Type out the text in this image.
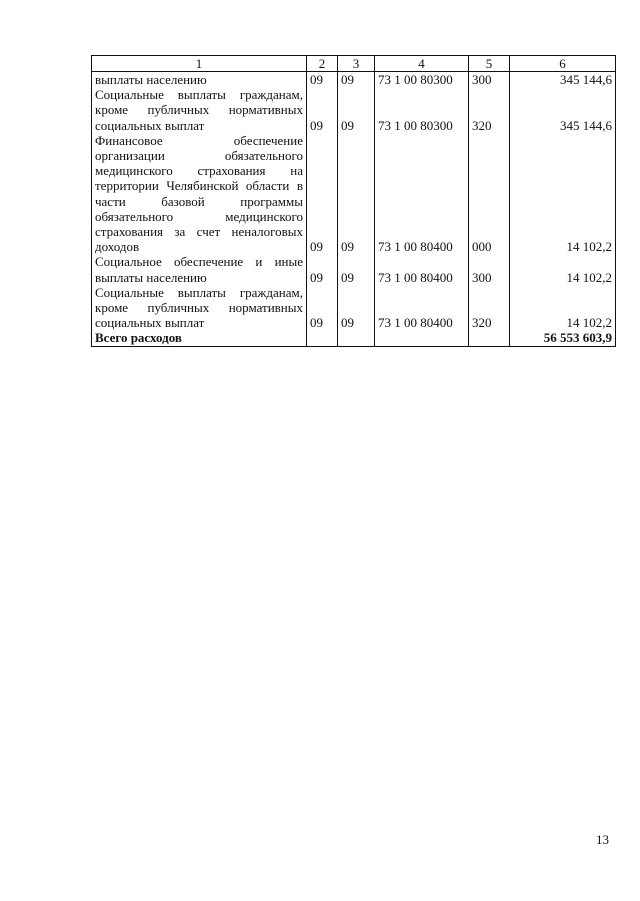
1	2	3	4	5	6
выплаты населению	09	09	73 1 00 80300	300	345 144,6
Социальные выплаты гражданам, кроме публичных нормативных социальных выплат	09	09	73 1 00 80300	320	345 144,6
Финансовое обеспечение организации обязательного медицинского страхования на территории Челябинской области в части базовой программы обязательного медицинского страхования за счет неналоговых доходов	09	09	73 1 00 80400	000	14 102,2
Социальное обеспечение и иные выплаты населению	09	09	73 1 00 80400	300	14 102,2
Социальные выплаты гражданам, кроме публичных нормативных социальных выплат	09	09	73 1 00 80400	320	14 102,2
Всего расходов					56 553 603,9
13
